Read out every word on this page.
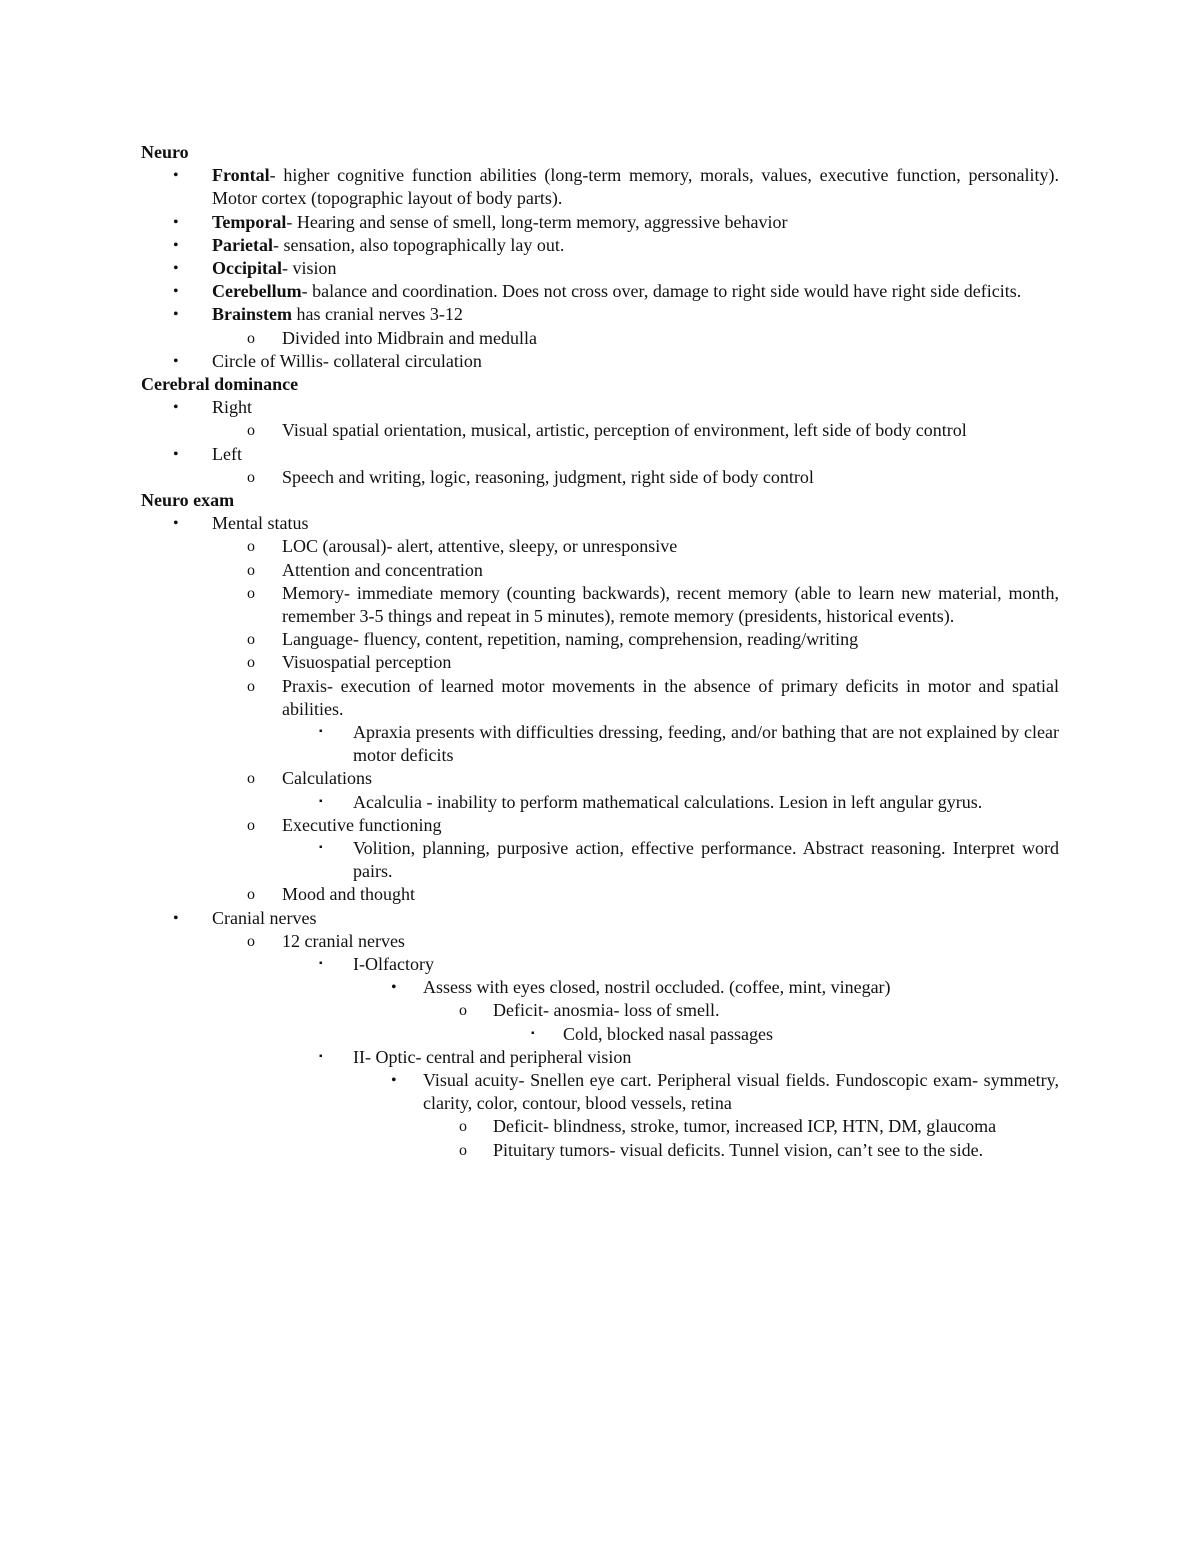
Neuro
•	Frontal- higher cognitive function abilities (long-term memory, morals, values, executive function, personality). Motor cortex (topographic layout of body parts).
•	Temporal- Hearing and sense of smell, long-term memory, aggressive behavior
•	Parietal- sensation, also topographically lay out.
•	Occipital- vision
•	Cerebellum- balance and coordination. Does not cross over, damage to right side would have right side deficits.
•	Brainstem has cranial nerves 3-12
o	Divided into Midbrain and medulla
•	Circle of Willis- collateral circulation
Cerebral dominance
•	Right
o	Visual spatial orientation, musical, artistic, perception of environment, left side of body control
•	Left
o	Speech and writing, logic, reasoning, judgment, right side of body control
Neuro exam
•	Mental status
o	LOC (arousal)- alert, attentive, sleepy, or unresponsive
o	Attention and concentration
o	Memory- immediate memory (counting backwards), recent memory (able to learn new material, month, remember 3-5 things and repeat in 5 minutes), remote memory (presidents, historical events).
o	Language- fluency, content, repetition, naming, comprehension, reading/writing
o	Visuospatial perception
o	Praxis- execution of learned motor movements in the absence of primary deficits in motor and spatial abilities.
▪	Apraxia presents with difficulties dressing, feeding, and/or bathing that are not explained by clear motor deficits
o	Calculations
▪	Acalculia - inability to perform mathematical calculations. Lesion in left angular gyrus.
o	Executive functioning
▪	Volition, planning, purposive action, effective performance. Abstract reasoning. Interpret word pairs.
o	Mood and thought
•	Cranial nerves
o	12 cranial nerves
▪	I-Olfactory
•	Assess with eyes closed, nostril occluded. (coffee, mint, vinegar)
o	Deficit- anosmia- loss of smell.
▪	Cold, blocked nasal passages
▪	II- Optic- central and peripheral vision
•	Visual acuity- Snellen eye cart. Peripheral visual fields. Fundoscopic exam- symmetry, clarity, color, contour, blood vessels, retina
o	Deficit- blindness, stroke, tumor, increased ICP, HTN, DM, glaucoma
o	Pituitary tumors- visual deficits. Tunnel vision, can’t see to the side.
